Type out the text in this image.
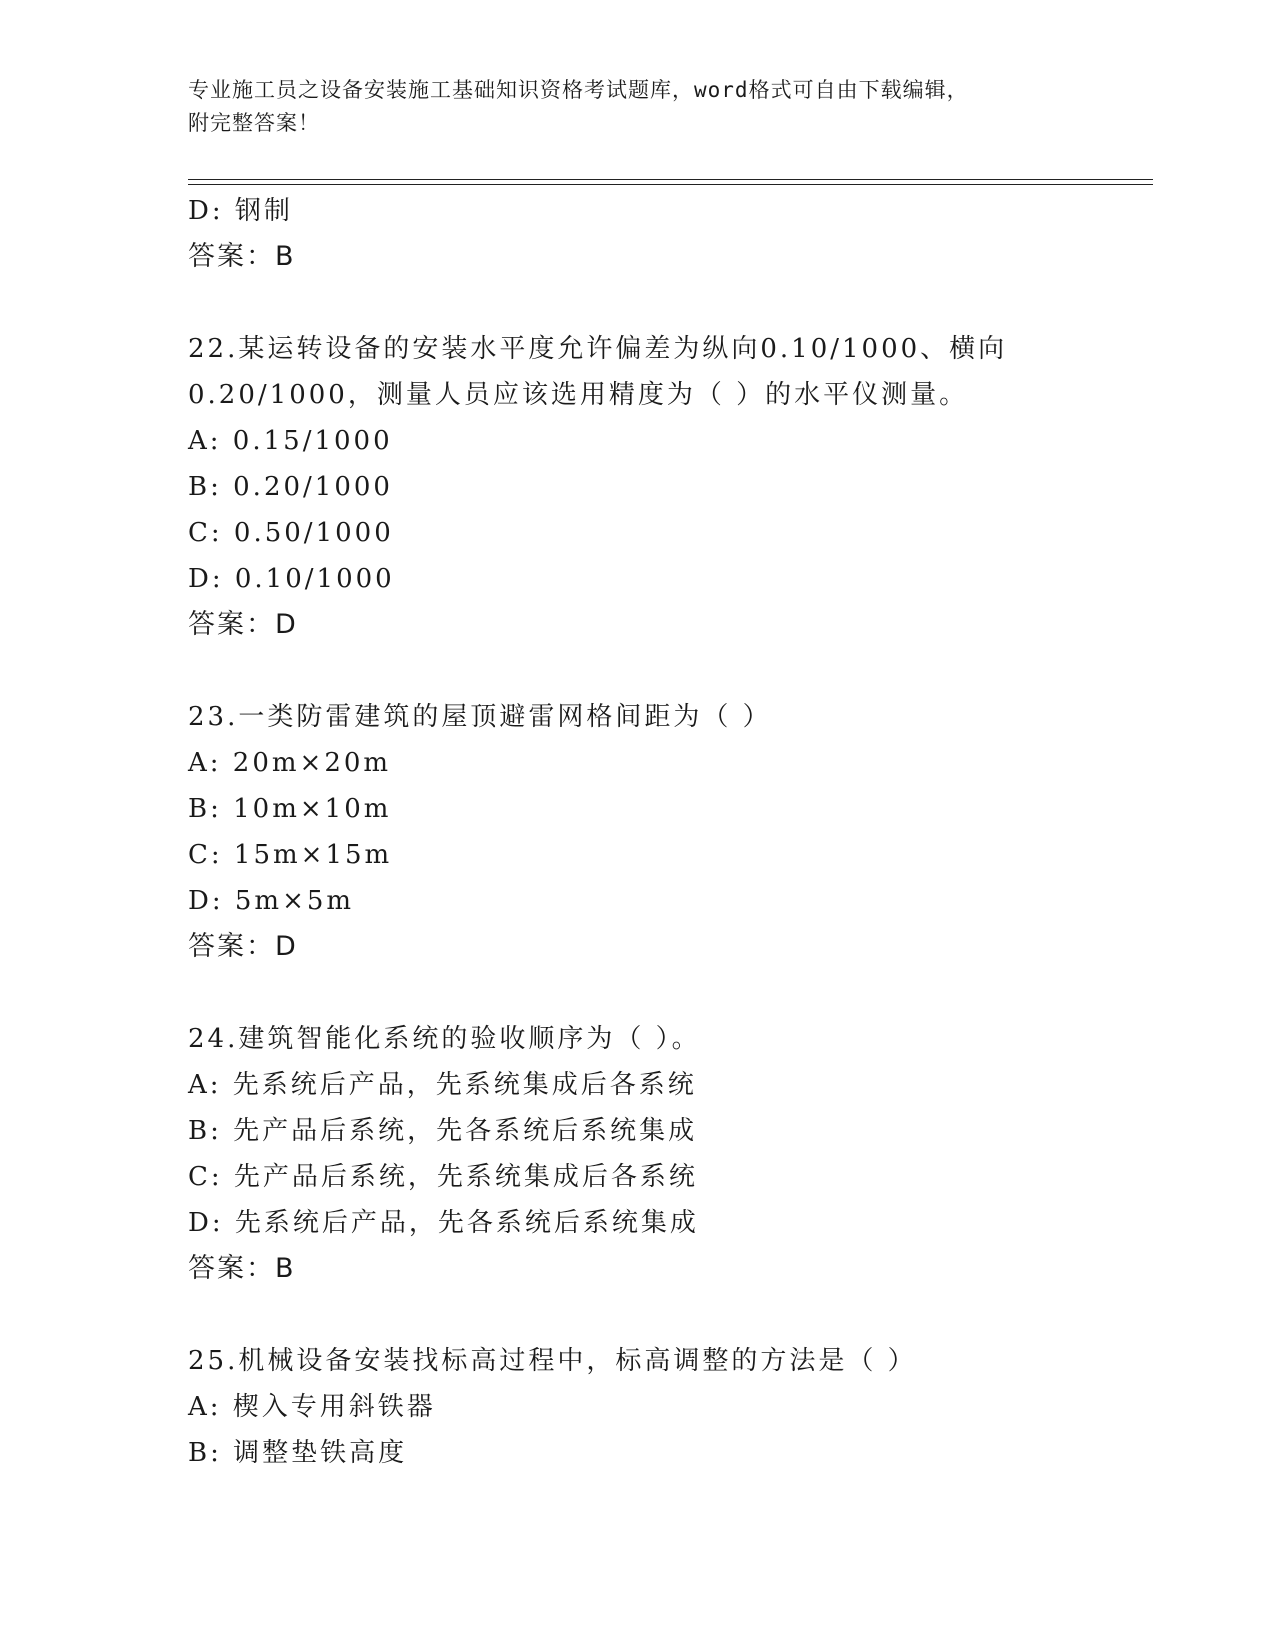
专业施工员之设备安装施工基础知识资格考试题库，word格式可自由下载编辑，
附完整答案！
D: 钢制
答案：B
22.某运转设备的安装水平度允许偏差为纵向0.10/1000、横向
0.20/1000，测量人员应该选用精度为（ ）的水平仪测量。
A: 0.15/1000
B: 0.20/1000
C: 0.50/1000
D: 0.10/1000
答案：D
23.一类防雷建筑的屋顶避雷网格间距为（ ）
A: 20m×20m
B: 10m×10m
C: 15m×15m
D: 5m×5m
答案：D
24.建筑智能化系统的验收顺序为（ ）。
A: 先系统后产品，先系统集成后各系统
B: 先产品后系统，先各系统后系统集成
C: 先产品后系统，先系统集成后各系统
D: 先系统后产品，先各系统后系统集成
答案：B
25.机械设备安装找标高过程中，标高调整的方法是（ ）
A: 楔入专用斜铁器
B: 调整垫铁高度
